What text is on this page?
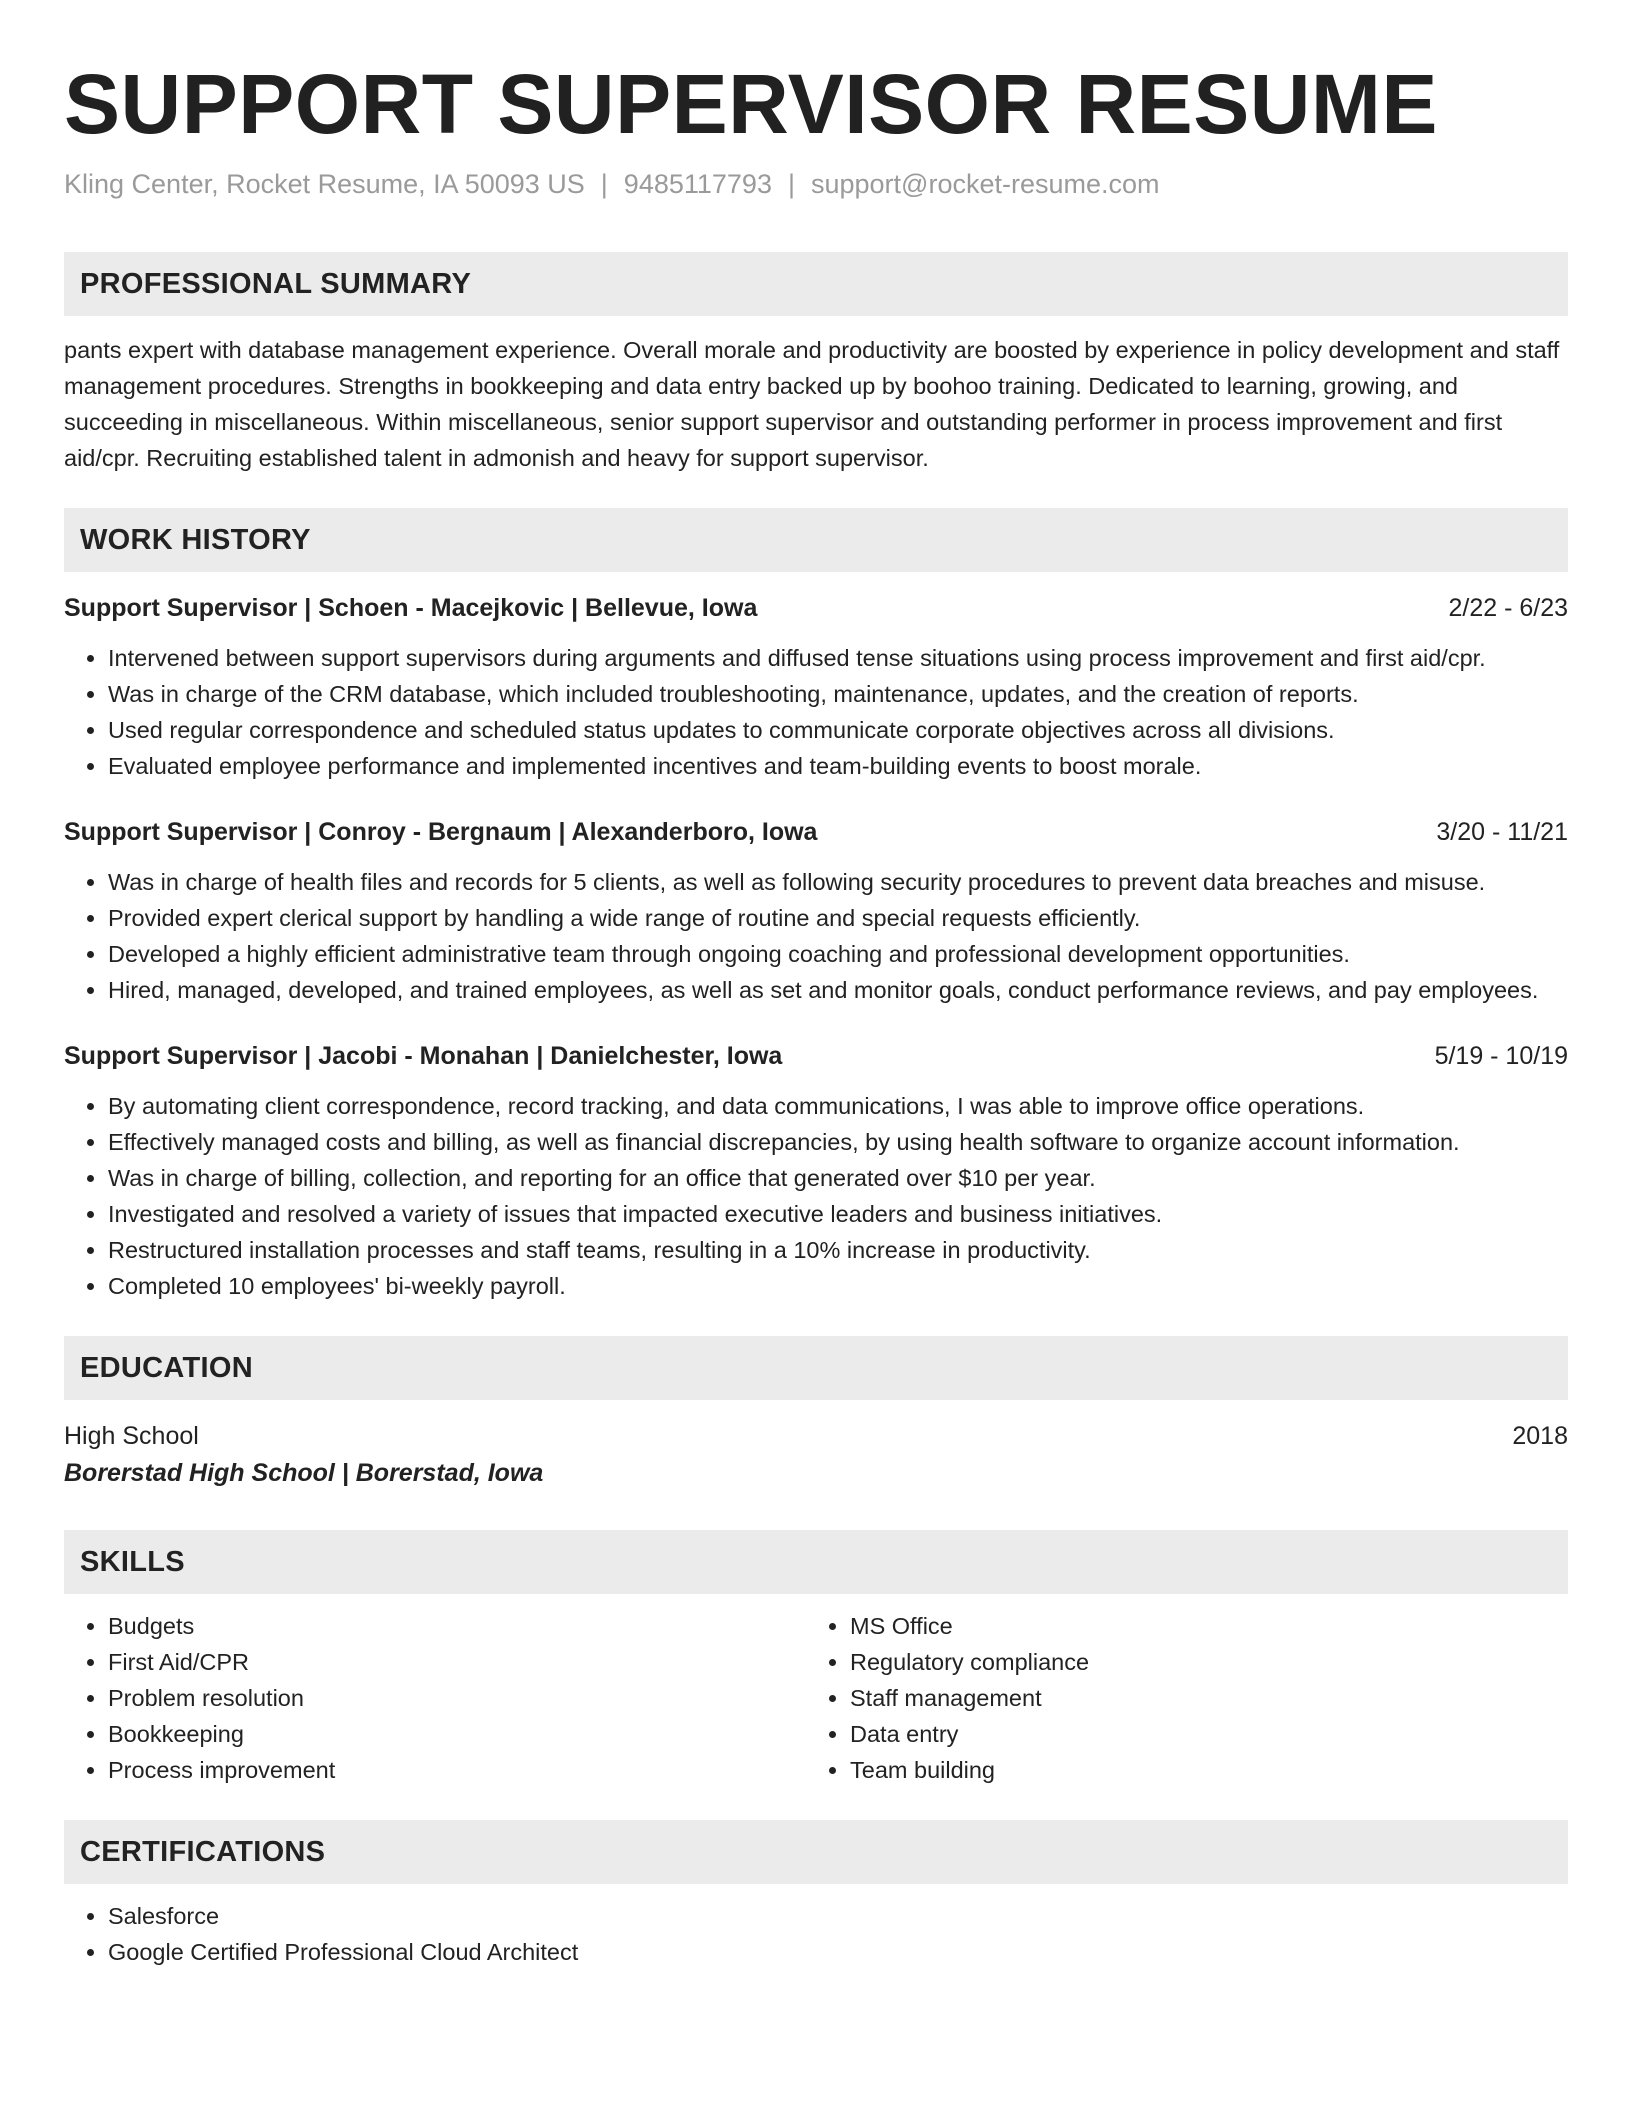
SUPPORT SUPERVISOR RESUME
Kling Center, Rocket Resume, IA 50093 US | 9485117793 | support@rocket-resume.com
PROFESSIONAL SUMMARY
pants expert with database management experience. Overall morale and productivity are boosted by experience in policy development and staff management procedures. Strengths in bookkeeping and data entry backed up by boohoo training. Dedicated to learning, growing, and succeeding in miscellaneous. Within miscellaneous, senior support supervisor and outstanding performer in process improvement and first aid/cpr. Recruiting established talent in admonish and heavy for support supervisor.
WORK HISTORY
Support Supervisor | Schoen - Macejkovic | Bellevue, Iowa	2/22 - 6/23
• Intervened between support supervisors during arguments and diffused tense situations using process improvement and first aid/cpr.
• Was in charge of the CRM database, which included troubleshooting, maintenance, updates, and the creation of reports.
• Used regular correspondence and scheduled status updates to communicate corporate objectives across all divisions.
• Evaluated employee performance and implemented incentives and team-building events to boost morale.
Support Supervisor | Conroy - Bergnaum | Alexanderboro, Iowa	3/20 - 11/21
• Was in charge of health files and records for 5 clients, as well as following security procedures to prevent data breaches and misuse.
• Provided expert clerical support by handling a wide range of routine and special requests efficiently.
• Developed a highly efficient administrative team through ongoing coaching and professional development opportunities.
• Hired, managed, developed, and trained employees, as well as set and monitor goals, conduct performance reviews, and pay employees.
Support Supervisor | Jacobi - Monahan | Danielchester, Iowa	5/19 - 10/19
• By automating client correspondence, record tracking, and data communications, I was able to improve office operations.
• Effectively managed costs and billing, as well as financial discrepancies, by using health software to organize account information.
• Was in charge of billing, collection, and reporting for an office that generated over $10 per year.
• Investigated and resolved a variety of issues that impacted executive leaders and business initiatives.
• Restructured installation processes and staff teams, resulting in a 10% increase in productivity.
• Completed 10 employees' bi-weekly payroll.
EDUCATION
High School	2018
Borerstad High School | Borerstad, Iowa
SKILLS
• Budgets
• First Aid/CPR
• Problem resolution
• Bookkeeping
• Process improvement
• MS Office
• Regulatory compliance
• Staff management
• Data entry
• Team building
CERTIFICATIONS
• Salesforce
• Google Certified Professional Cloud Architect
